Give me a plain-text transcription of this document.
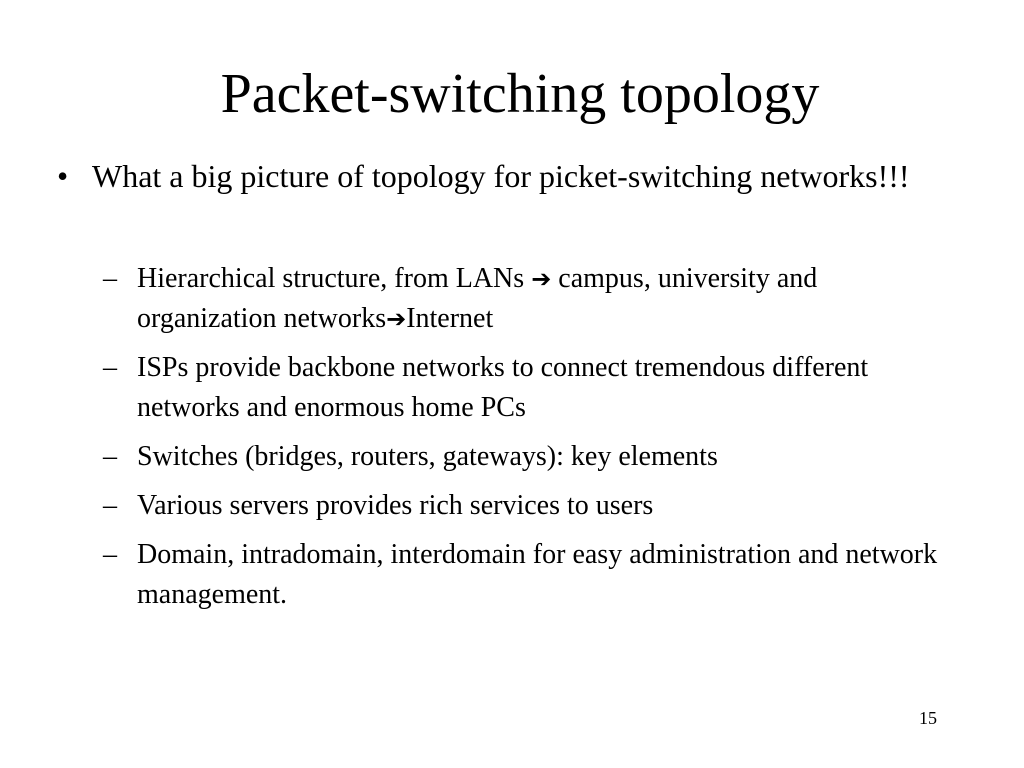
Packet-switching topology
• What a big picture of topology for picket-switching networks!!!
– Hierarchical structure, from LANs ➔ campus, university and organization networks➔Internet
– ISPs provide backbone networks to connect tremendous different networks and enormous home PCs
– Switches (bridges, routers, gateways): key elements
– Various servers provides rich services to users
– Domain, intradomain, interdomain for easy administration and network management.
15
